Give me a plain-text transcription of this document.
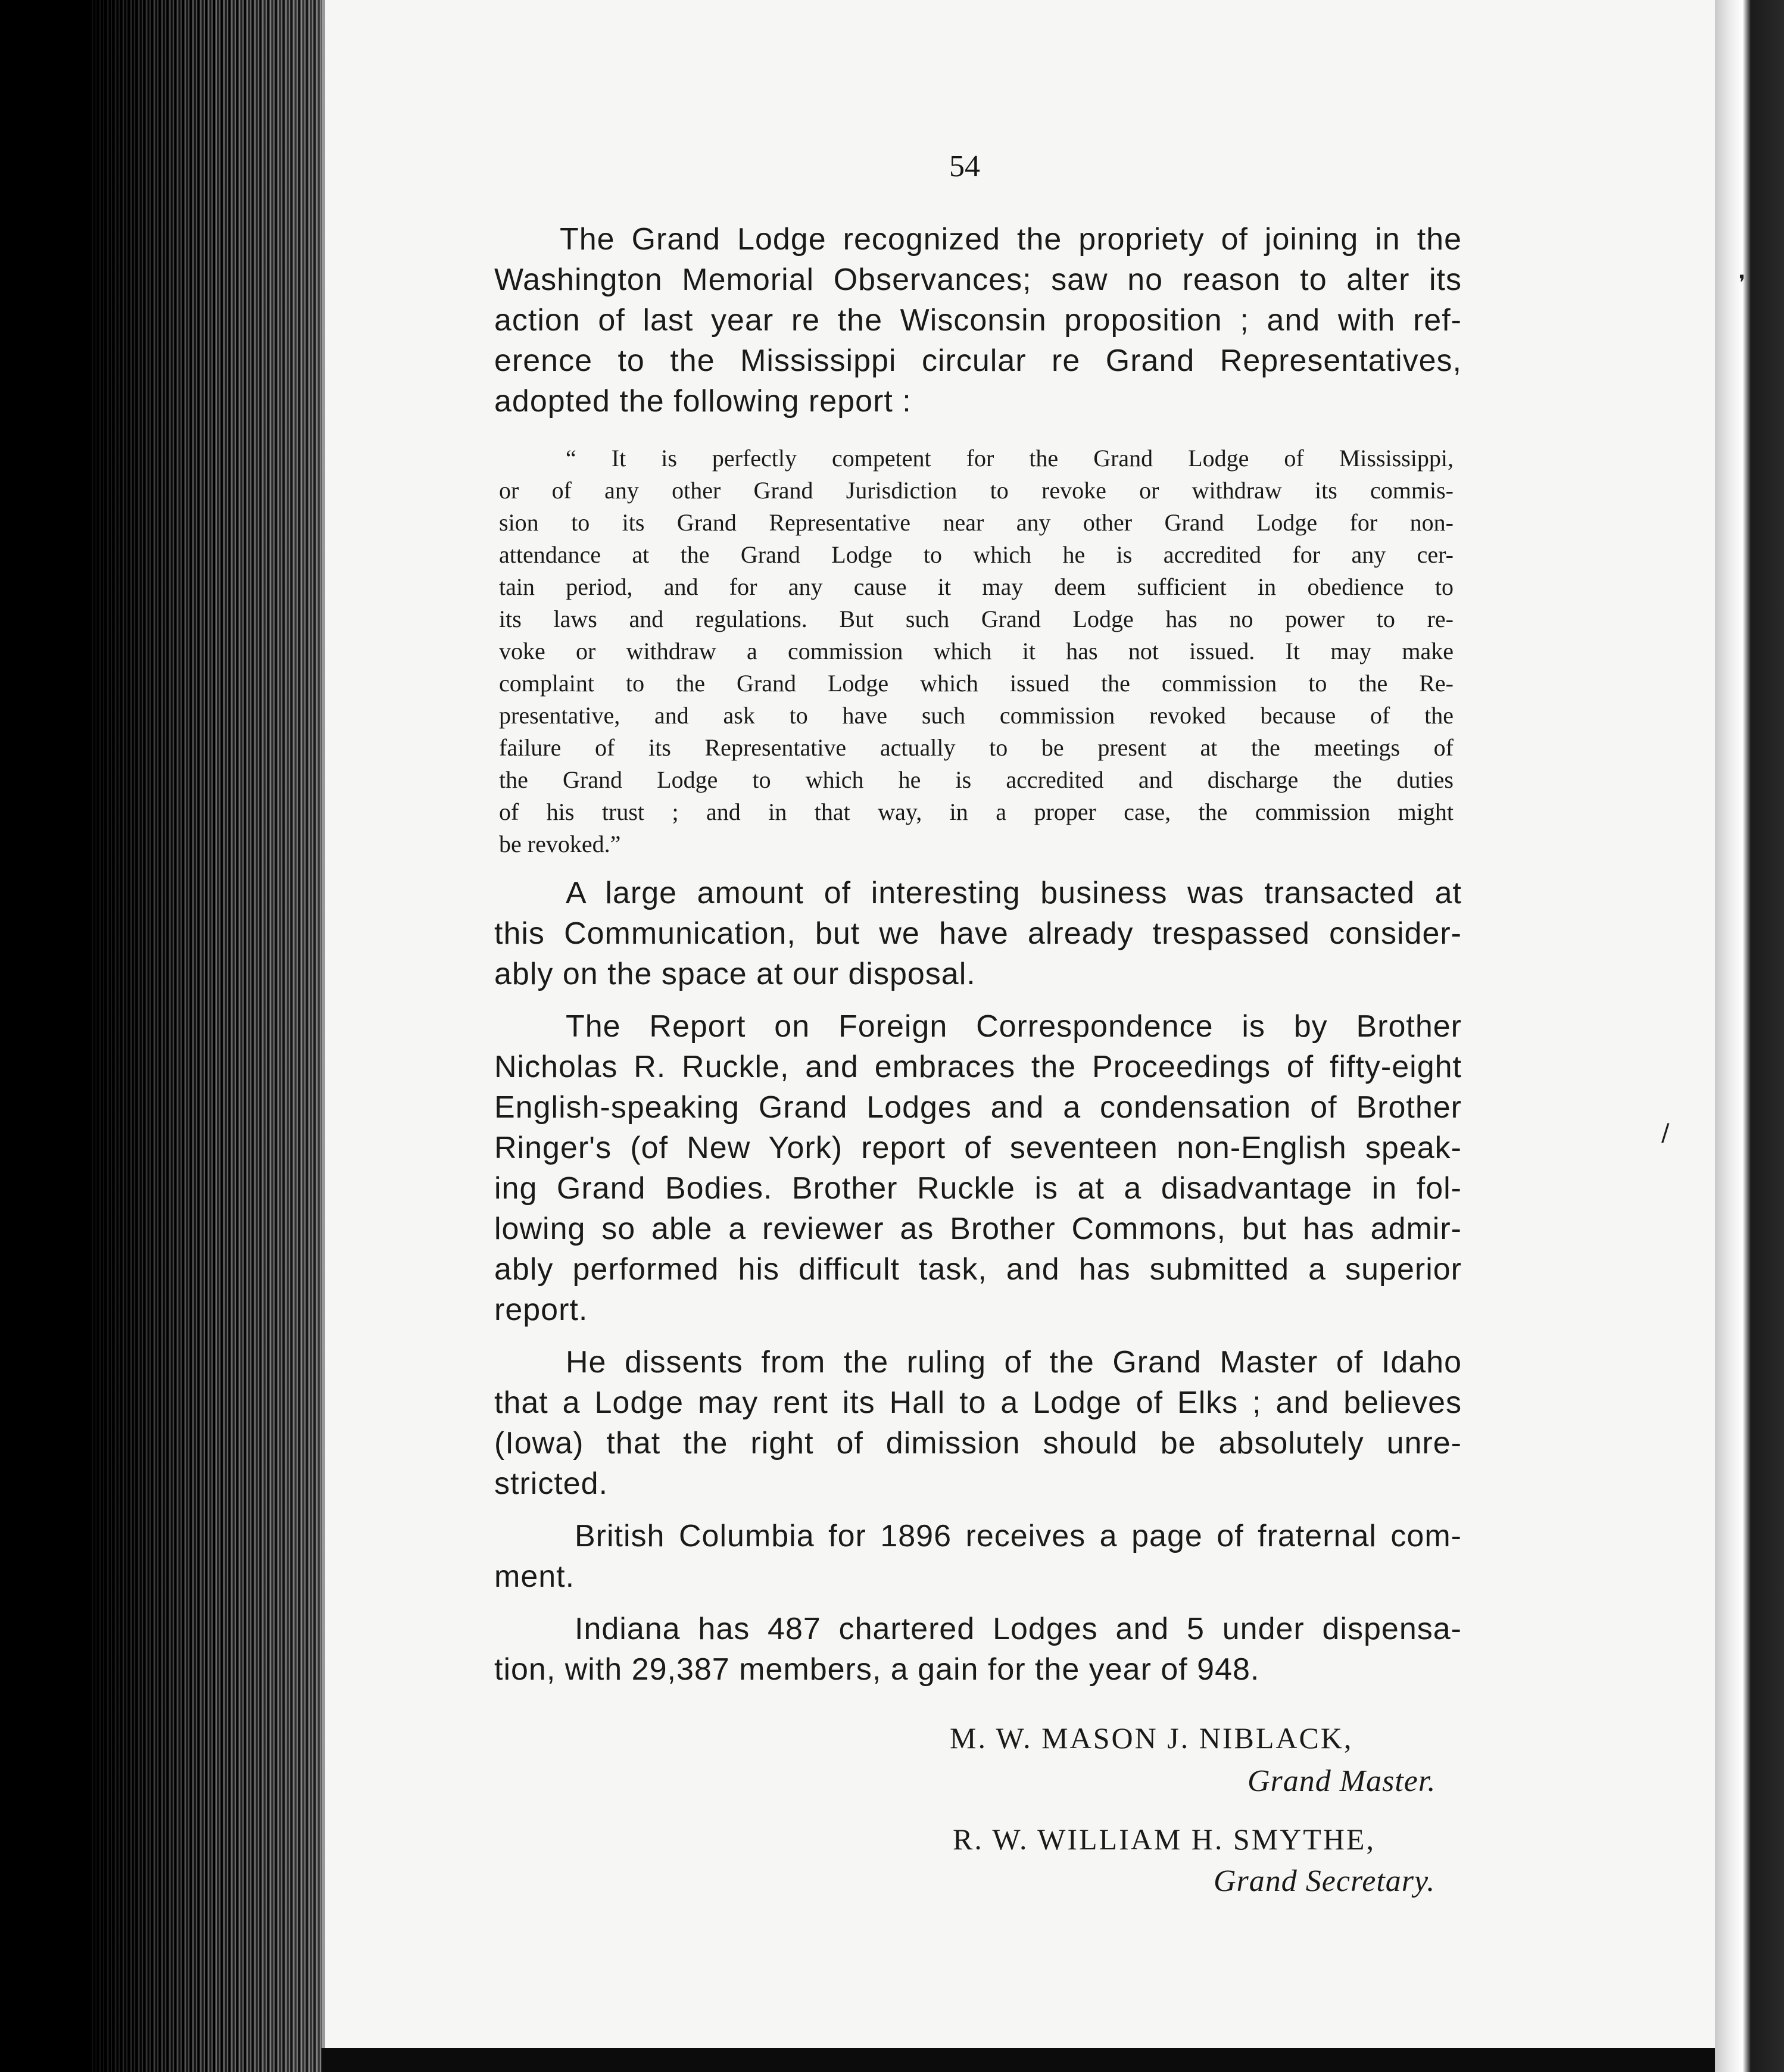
54
The Grand Lodge recognized the propriety of joining in the
Washington Memorial Observances; saw no reason to alter its
action of last year re the Wisconsin proposition ; and with ref-
erence to the Mississippi circular re Grand Representatives,
adopted the following report :
“ It is perfectly competent for the Grand Lodge of Mississippi,
or of any other Grand Jurisdiction to revoke or withdraw its commis-
sion to its Grand Representative near any other Grand Lodge for non-
attendance at the Grand Lodge to which he is accredited for any cer-
tain period, and for any cause it may deem sufficient in obedience to
its laws and regulations. But such Grand Lodge has no power to re-
voke or withdraw a commission which it has not issued. It may make
complaint to the Grand Lodge which issued the commission to the Re-
presentative, and ask to have such commission revoked because of the
failure of its Representative actually to be present at the meetings of
the Grand Lodge to which he is accredited and discharge the duties
of his trust ; and in that way, in a proper case, the commission might
be revoked.”
A large amount of interesting business was transacted at
this Communication, but we have already trespassed consider-
ably on the space at our disposal.
The Report on Foreign Correspondence is by Brother
Nicholas R. Ruckle, and embraces the Proceedings of fifty-eight
English-speaking Grand Lodges and a condensation of Brother
Ringer's (of New York) report of seventeen non-English speak-
ing Grand Bodies. Brother Ruckle is at a disadvantage in fol-
lowing so able a reviewer as Brother Commons, but has admir-
ably performed his difficult task, and has submitted a superior
report.
He dissents from the ruling of the Grand Master of Idaho
that a Lodge may rent its Hall to a Lodge of Elks ; and believes
(Iowa) that the right of dimission should be absolutely unre-
stricted.
British Columbia for 1896 receives a page of fraternal com-
ment.
Indiana has 487 chartered Lodges and 5 under dispensa-
tion, with 29,387 members, a gain for the year of 948.
M. W. MASON J. NIBLACK,
Grand Master.
R. W. WILLIAM H. SMYTHE,
Grand Secretary.
❜
/
